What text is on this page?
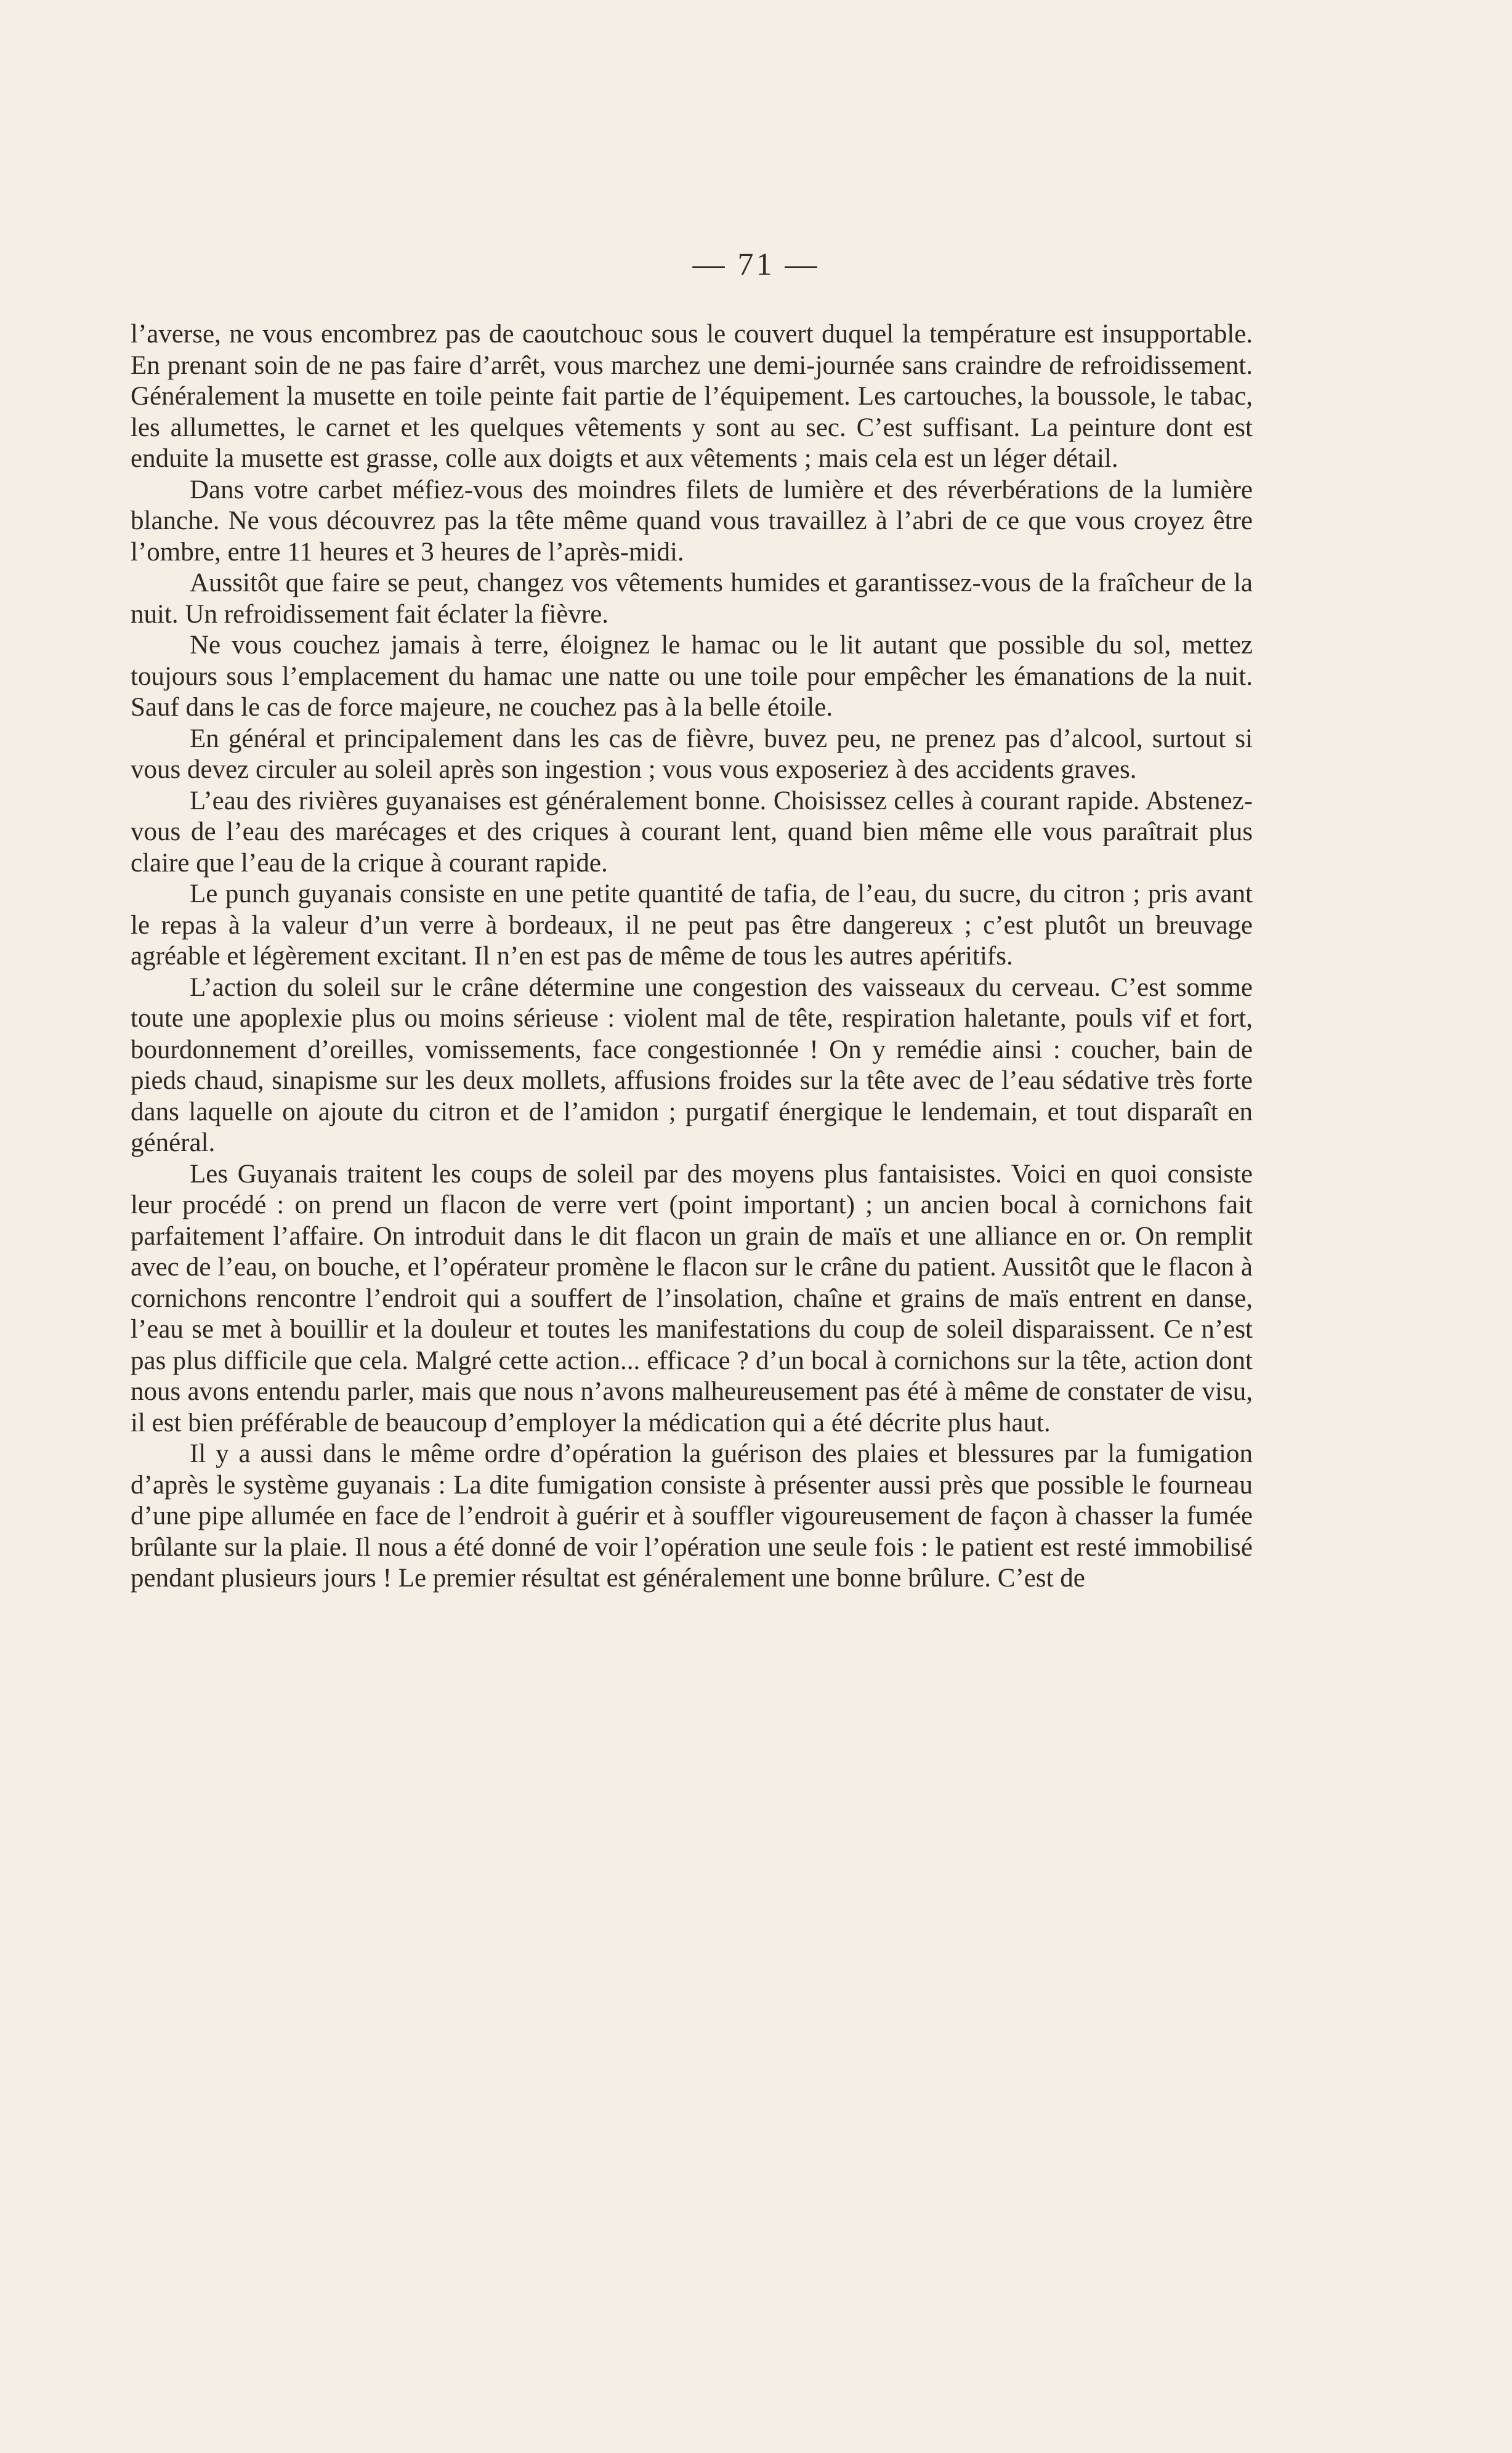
— 71 —

l’averse, ne vous encombrez pas de caoutchouc sous le couvert duquel la température est insupportable. En prenant soin de ne pas faire d’arrêt, vous marchez une demi-journée sans craindre de refroidissement. Généralement la musette en toile peinte fait partie de l’équipement. Les cartouches, la boussole, le tabac, les allumettes, le carnet et les quelques vêtements y sont au sec. C’est suffisant. La peinture dont est enduite la musette est grasse, colle aux doigts et aux vêtements ; mais cela est un léger détail.

Dans votre carbet méfiez-vous des moindres filets de lumière et des réverbérations de la lumière blanche. Ne vous découvrez pas la tête même quand vous travaillez à l’abri de ce que vous croyez être l’ombre, entre 11 heures et 3 heures de l’après-midi.

Aussitôt que faire se peut, changez vos vêtements humides et garantissez-vous de la fraîcheur de la nuit. Un refroidissement fait éclater la fièvre.

Ne vous couchez jamais à terre, éloignez le hamac ou le lit autant que possible du sol, mettez toujours sous l’emplacement du hamac une natte ou une toile pour empêcher les émanations de la nuit. Sauf dans le cas de force majeure, ne couchez pas à la belle étoile.

En général et principalement dans les cas de fièvre, buvez peu, ne prenez pas d’alcool, surtout si vous devez circuler au soleil après son ingestion ; vous vous exposeriez à des accidents graves.

L’eau des rivières guyanaises est généralement bonne. Choisissez celles à courant rapide. Abstenez-vous de l’eau des marécages et des criques à courant lent, quand bien même elle vous paraîtrait plus claire que l’eau de la crique à courant rapide.

Le punch guyanais consiste en une petite quantité de tafia, de l’eau, du sucre, du citron ; pris avant le repas à la valeur d’un verre à bordeaux, il ne peut pas être dangereux ; c’est plutôt un breuvage agréable et légèrement excitant. Il n’en est pas de même de tous les autres apéritifs.

L’action du soleil sur le crâne détermine une congestion des vaisseaux du cerveau. C’est somme toute une apoplexie plus ou moins sérieuse : violent mal de tête, respiration haletante, pouls vif et fort, bourdonnement d’oreilles, vomissements, face congestionnée ! On y remédie ainsi : coucher, bain de pieds chaud, sinapisme sur les deux mollets, affusions froides sur la tête avec de l’eau sédative très forte dans laquelle on ajoute du citron et de l’amidon ; purgatif énergique le lendemain, et tout disparaît en général.

Les Guyanais traitent les coups de soleil par des moyens plus fantaisistes. Voici en quoi consiste leur procédé : on prend un flacon de verre vert (point important) ; un ancien bocal à cornichons fait parfaitement l’affaire. On introduit dans le dit flacon un grain de maïs et une alliance en or. On remplit avec de l’eau, on bouche, et l’opérateur promène le flacon sur le crâne du patient. Aussitôt que le flacon à cornichons rencontre l’endroit qui a souffert de l’insolation, chaîne et grains de maïs entrent en danse, l’eau se met à bouillir et la douleur et toutes les manifestations du coup de soleil disparaissent. Ce n’est pas plus difficile que cela. Malgré cette action... efficace ? d’un bocal à cornichons sur la tête, action dont nous avons entendu parler, mais que nous n’avons malheureusement pas été à même de constater de visu, il est bien préférable de beaucoup d’employer la médication qui a été décrite plus haut.

Il y a aussi dans le même ordre d’opération la guérison des plaies et blessures par la fumigation d’après le système guyanais : La dite fumigation consiste à présenter aussi près que possible le fourneau d’une pipe allumée en face de l’endroit à guérir et à souffler vigoureusement de façon à chasser la fumée brûlante sur la plaie. Il nous a été donné de voir l’opération une seule fois : le patient est resté immobilisé pendant plusieurs jours ! Le premier résultat est généralement une bonne brûlure. C’est de
